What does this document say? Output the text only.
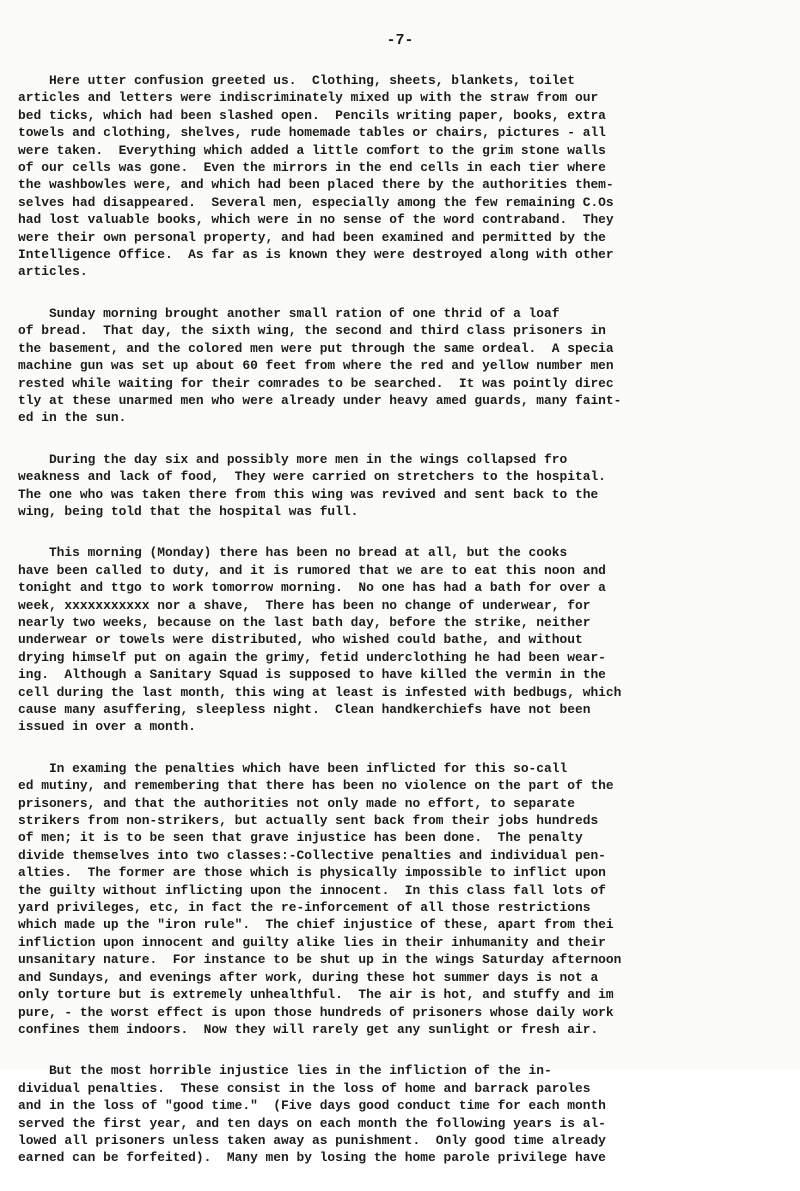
-7-
Here utter confusion greeted us.  Clothing, sheets, blankets, toilet
articles and letters were indiscriminately mixed up with the straw from our
bed ticks, which had been slashed open.  Pencils writing paper, books, extra
towels and clothing, shelves, rude homemade tables or chairs, pictures - all
were taken.  Everything which added a little comfort to the grim stone walls
of our cells was gone.  Even the mirrors in the end cells in each tier where
the washbowles were, and which had been placed there by the authorities them-
selves had disappeared.  Several men, especially among the few remaining C.Os
had lost valuable books, which were in no sense of the word contraband.  They
were their own personal property, and had been examined and permitted by the
Intelligence Office.  As far as is known they were destroyed along with other
articles.
Sunday morning brought another small ration of one thrid of a loaf
of bread.  That day, the sixth wing, the second and third class prisoners in
the basement, and the colored men were put through the same ordeal.  A specia
machine gun was set up about 60 feet from where the red and yellow number men
rested while waiting for their comrades to be searched.  It was pointly direc
tly at these unarmed men who were already under heavy amed guards, many faint-
ed in the sun.
During the day six and possibly more men in the wings collapsed fro
weakness and lack of food,  They were carried on stretchers to the hospital.
The one who was taken there from this wing was revived and sent back to the
wing, being told that the hospital was full.
This morning (Monday) there has been no bread at all, but the cooks
have been called to duty, and it is rumored that we are to eat this noon and
tonight and ttgo to work tomorrow morning.  No one has had a bath for over a
week, xxxxxxxxxxx nor a shave,  There has been no change of underwear, for
nearly two weeks, because on the last bath day, before the strike, neither
underwear or towels were distributed, who wished could bathe, and without
drying himself put on again the grimy, fetid underclothing he had been wear-
ing.  Although a Sanitary Squad is supposed to have killed the vermin in the
cell during the last month, this wing at least is infested with bedbugs, which
cause many asuffering, sleepless night.  Clean handkerchiefs have not been
issued in over a month.
In examing the penalties which have been inflicted for this so-call
ed mutiny, and remembering that there has been no violence on the part of the
prisoners, and that the authorities not only made no effort, to separate
strikers from non-strikers, but actually sent back from their jobs hundreds
of men; it is to be seen that grave injustice has been done.  The penalty
divide themselves into two classes:-Collective penalties and individual pen-
alties.  The former are those which is physically impossible to inflict upon
the guilty without inflicting upon the innocent.  In this class fall lots of
yard privileges, etc, in fact the re-inforcement of all those restrictions
which made up the "iron rule".  The chief injustice of these, apart from thei
infliction upon innocent and guilty alike lies in their inhumanity and their
unsanitary nature.  For instance to be shut up in the wings Saturday afternoon
and Sundays, and evenings after work, during these hot summer days is not a
only torture but is extremely unhealthful.  The air is hot, and stuffy and im
pure, - the worst effect is upon those hundreds of prisoners whose daily work
confines them indoors.  Now they will rarely get any sunlight or fresh air.
But the most horrible injustice lies in the infliction of the in-
dividual penalties.  These consist in the loss of home and barrack paroles
and in the loss of "good time."  (Five days good conduct time for each month
served the first year, and ten days on each month the following years is al-
lowed all prisoners unless taken away as punishment.  Only good time already
earned can be forfeited).  Many men by losing the home parole privilege have
